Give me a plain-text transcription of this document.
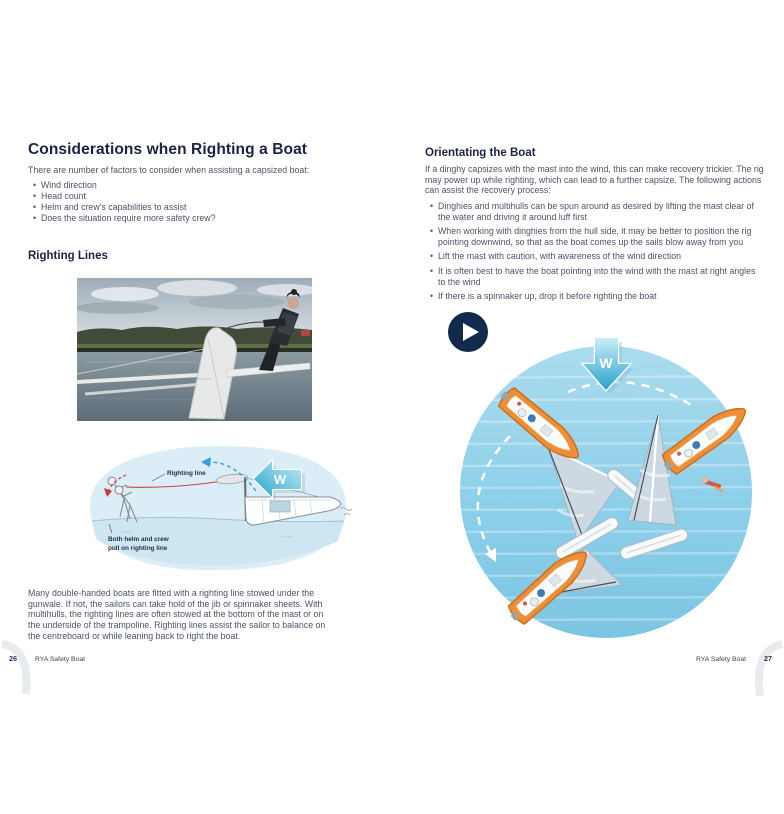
Considerations when Righting a Boat
There are number of factors to consider when assisting a capsized boat:
• Wind direction
• Head count
• Helm and crew's capabilities to assist
• Does the situation require more safety crew?
Righting Lines
W
Righting line
Both helm and crew
pull on righting line
Many double-handed boats are fitted with a righting line stowed under the gunwale. If not, the sailors can take hold of the jib or spinnaker sheets. With multihulls, the righting lines are often stowed at the bottom of the mast or on the underside of the trampoline. Righting lines assist the sailor to balance on the centreboard or while leaning back to right the boat.
26	RYA Safety Boat
Orientating the Boat
If a dinghy capsizes with the mast into the wind, this can make recovery trickier. The rig may power up while righting, which can lead to a further capsize. The following actions can assist the recovery process:
• Dinghies and multihulls can be spun around as desired by lifting the mast clear of the water and driving it around luff first
• When working with dinghies from the hull side, it may be better to position the rig pointing downwind, so that as the boat comes up the sails blow away from you
• Lift the mast with caution, with awareness of the wind direction
• It is often best to have the boat pointing into the wind with the mast at right angles to the wind
• If there is a spinnaker up, drop it before righting the boat
W
RYA Safety Boat	27
